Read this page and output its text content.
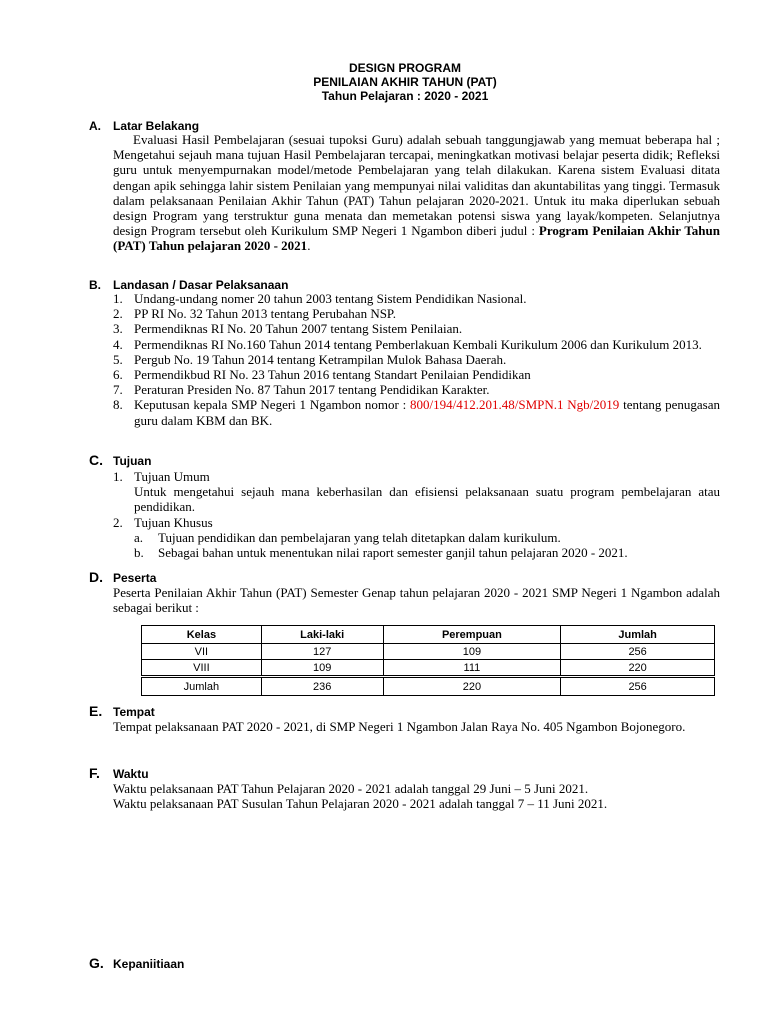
DESIGN PROGRAM
PENILAIAN AKHIR TAHUN (PAT)
Tahun Pelajaran : 2020 - 2021
A. Latar Belakang
Evaluasi Hasil Pembelajaran (sesuai tupoksi Guru) adalah sebuah tanggungjawab yang memuat beberapa hal ; Mengetahui sejauh mana tujuan Hasil Pembelajaran tercapai, meningkatkan motivasi belajar peserta didik; Refleksi guru untuk menyempurnakan model/metode Pembelajaran yang telah dilakukan. Karena sistem Evaluasi ditata dengan apik sehingga lahir sistem Penilaian yang mempunyai nilai validitas dan akuntabilitas yang tinggi. Termasuk dalam pelaksanaan Penilaian Akhir Tahun (PAT) Tahun pelajaran 2020-2021. Untuk itu maka diperlukan sebuah design Program yang terstruktur guna menata dan memetakan potensi siswa yang layak/kompeten. Selanjutnya design Program tersebut oleh Kurikulum SMP Negeri 1 Ngambon diberi judul : Program Penilaian Akhir Tahun (PAT) Tahun pelajaran 2020 - 2021.
B. Landasan / Dasar Pelaksanaan
1. Undang-undang nomer 20 tahun 2003 tentang Sistem Pendidikan Nasional.
2. PP RI No. 32 Tahun 2013 tentang Perubahan NSP.
3. Permendiknas RI No. 20 Tahun 2007 tentang Sistem Penilaian.
4. Permendiknas RI No.160 Tahun 2014 tentang Pemberlakuan Kembali Kurikulum 2006 dan Kurikulum 2013.
5. Pergub No. 19 Tahun 2014 tentang Ketrampilan Mulok Bahasa Daerah.
6. Permendikbud RI No. 23 Tahun 2016 tentang Standart Penilaian Pendidikan
7. Peraturan Presiden No. 87 Tahun 2017 tentang Pendidikan Karakter.
8. Keputusan kepala SMP Negeri 1 Ngambon nomor : 800/194/412.201.48/SMPN.1 Ngb/2019 tentang penugasan guru dalam KBM dan BK.
C. Tujuan
1. Tujuan Umum
Untuk mengetahui sejauh mana keberhasilan dan efisiensi pelaksanaan suatu program pembelajaran atau pendidikan.
2. Tujuan Khusus
a. Tujuan pendidikan dan pembelajaran yang telah ditetapkan dalam kurikulum.
b. Sebagai bahan untuk menentukan nilai raport semester ganjil tahun pelajaran 2020 - 2021.
D. Peserta
Peserta Penilaian Akhir Tahun (PAT) Semester Genap tahun pelajaran 2020 - 2021 SMP Negeri 1 Ngambon adalah sebagai berikut :
Kelas	Laki-laki	Perempuan	Jumlah
VII	127	109	256
VIII	109	111	220
Jumlah	236	220	256
E. Tempat
Tempat pelaksanaan PAT 2020 - 2021, di SMP Negeri 1 Ngambon Jalan Raya No. 405 Ngambon Bojonegoro.
F. Waktu
Waktu pelaksanaan PAT Tahun Pelajaran 2020 - 2021 adalah tanggal 29 Juni – 5 Juni 2021.
Waktu pelaksanaan PAT Susulan Tahun Pelajaran 2020 - 2021 adalah tanggal 7 – 11 Juni 2021.
G. Kepaniitiaan
